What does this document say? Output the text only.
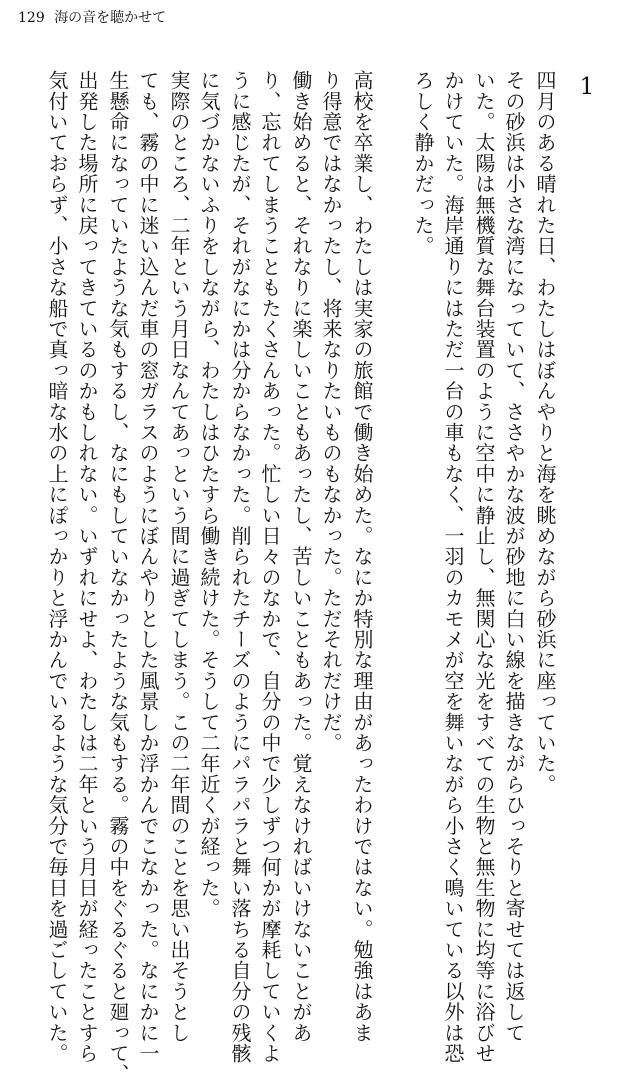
129 海の音を聴かせて
1
四月のある晴れた日、わたしはぼんやりと海を眺めながら砂浜に座っていた。
その砂浜は小さな湾になっていて、ささやかな波が砂地に白い線を描きながらひっそりと寄せては返して
いた。太陽は無機質な舞台装置のように空中に静止し、無関心な光をすべての生物と無生物に均等に浴びせ
かけていた。海岸通りにはただ一台の車もなく、一羽のカモメが空を舞いながら小さく鳴いている以外は恐
ろしく静かだった。
高校を卒業し、わたしは実家の旅館で働き始めた。なにか特別な理由があったわけではない。勉強はあま
り得意ではなかったし、将来なりたいものもなかった。ただそれだけだ。
働き始めると、それなりに楽しいこともあったし、苦しいこともあった。覚えなければいけないことがあ
り、忘れてしまうこともたくさんあった。忙しい日々のなかで、自分の中で少しずつ何かが摩耗していくよ
うに感じたが、それがなにかは分からなかった。削られたチーズのようにパラパラと舞い落ちる自分の残骸
に気づかないふりをしながら、わたしはひたすら働き続けた。そうして二年近くが経った。
実際のところ、二年という月日なんてあっという間に過ぎてしまう。この二年間のことを思い出そうとし
ても、霧の中に迷い込んだ車の窓ガラスのようにぼんやりとした風景しか浮かんでこなかった。なにかに一
生懸命になっていたような気もするし、なにもしていなかったような気もする。霧の中をぐるぐると廻って、
出発した場所に戻ってきているのかもしれない。いずれにせよ、わたしは二年という月日が経ったことすら
気付いておらず、小さな船で真っ暗な水の上にぽっかりと浮かんでいるような気分で毎日を過ごしていた。
